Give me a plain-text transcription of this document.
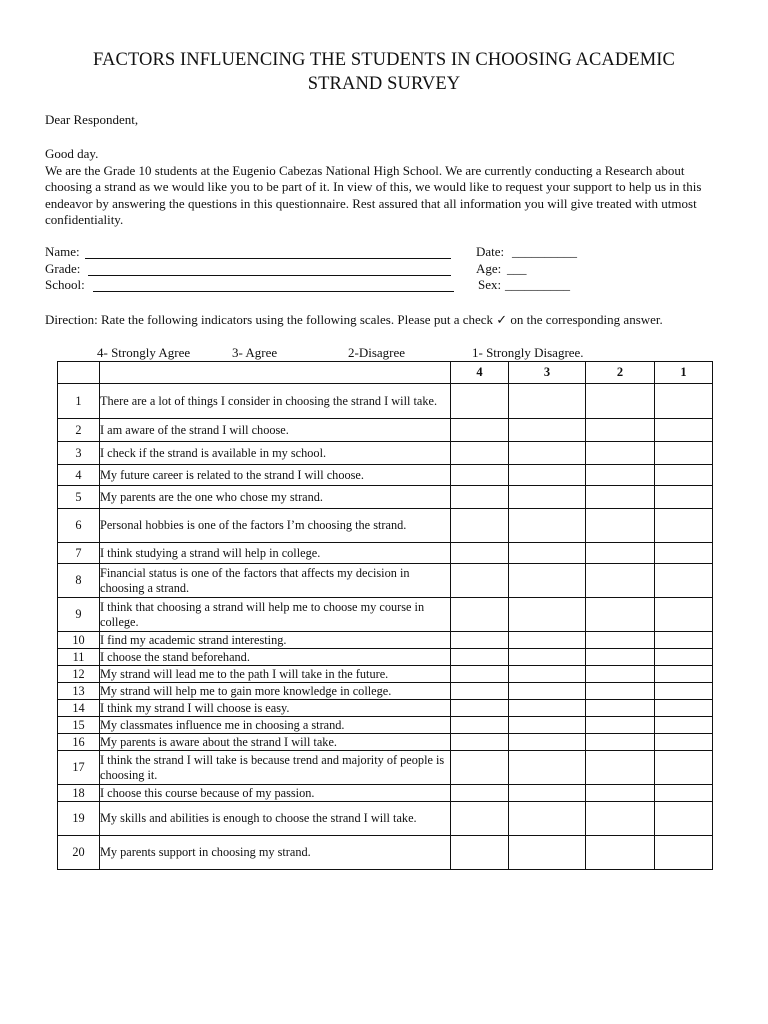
FACTORS INFLUENCING THE STUDENTS IN CHOOSING ACADEMIC
STRAND SURVEY
Dear Respondent,
Good day.
We are the Grade 10 students at the Eugenio Cabezas National High School. We are currently conducting a Research about choosing a strand as we would like you to be part of it. In view of this, we would like to request your support to help us in this endeavor by answering the questions in this questionnaire. Rest assured that all information you will give treated with utmost confidentiality.
Name:	Date: __________
Grade:	Age: ___
School:	Sex: __________
Direction: Rate the following indicators using the following scales. Please put a check ✓ on the corresponding answer.
4- Strongly Agree	3- Agree	2-Disagree	1- Strongly Disagree.
		4	3	2	1
1	There are a lot of things I consider in choosing the strand I will take.				
2	I am aware of the strand I will choose.				
3	I check if the strand is available in my school.				
4	My future career is related to the strand I will choose.				
5	My parents are the one who chose my strand.				
6	Personal hobbies is one of the factors I’m choosing the strand.				
7	I think studying a strand will help in college.				
8	Financial status is one of the factors that affects my decision in choosing a strand.				
9	I think that choosing a strand will help me to choose my course in college.				
10	I find my academic strand interesting.				
11	I choose the stand beforehand.				
12	My strand will lead me to the path I will take in the future.				
13	My strand will help me to gain more knowledge in college.				
14	I think my strand I will choose is easy.				
15	My classmates influence me in choosing a strand.				
16	My parents is aware about the strand I will take.				
17	I think the strand I will take is because trend and majority of people is choosing it.				
18	I choose this course because of my passion.				
19	My skills and abilities is enough to choose the strand I will take.				
20	My parents support in choosing my strand.				
